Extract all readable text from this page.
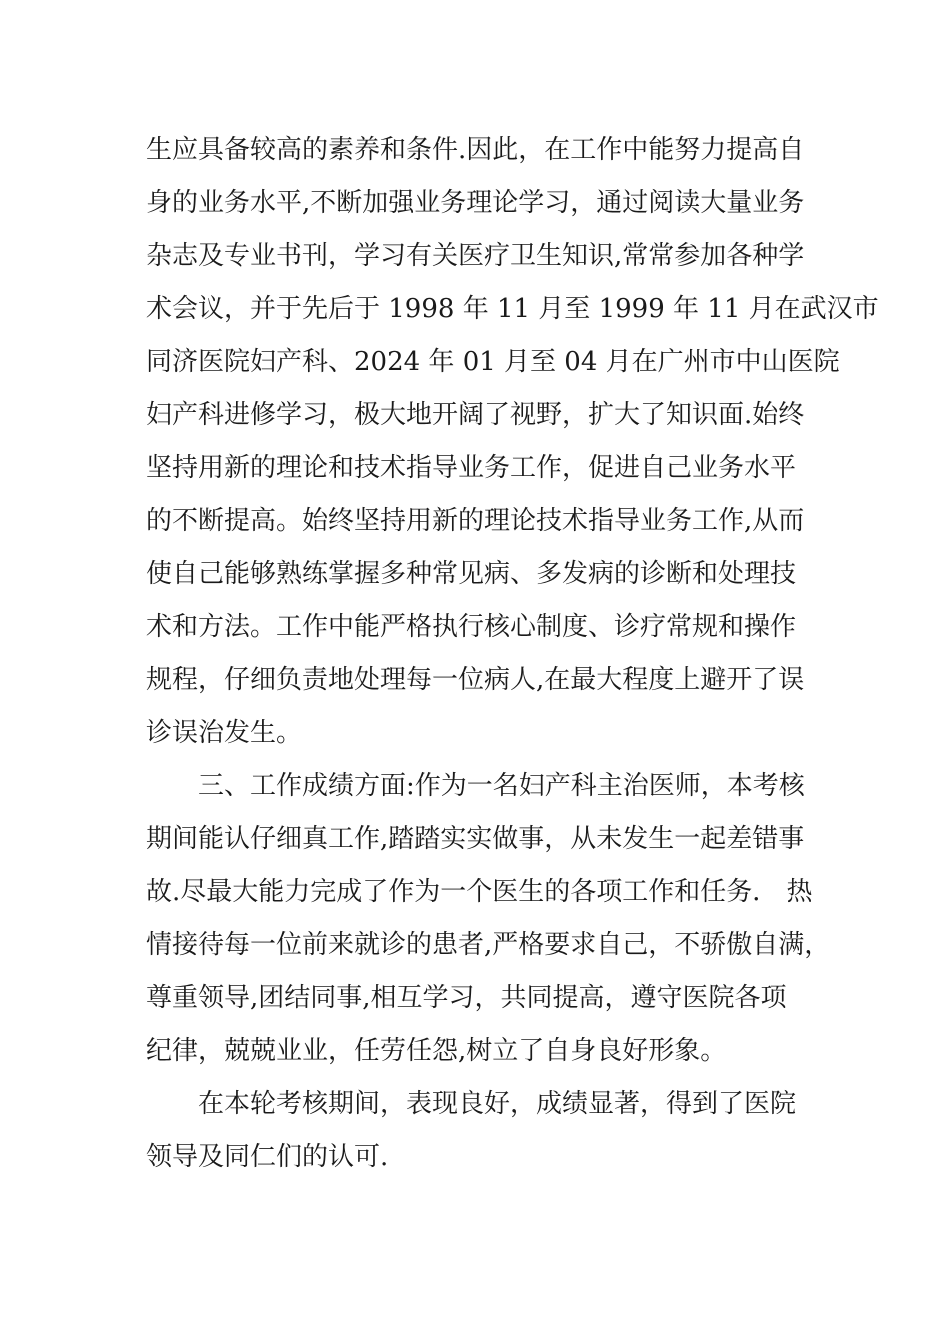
生应具备较高的素养和条件.因此，在工作中能努力提高自
身的业务水平,不断加强业务理论学习，通过阅读大量业务
杂志及专业书刊，学习有关医疗卫生知识,常常参加各种学
术会议，并于先后于 1998 年 11 月至 1999 年 11 月在武汉市
同济医院妇产科、2024 年 01 月至 04 月在广州市中山医院
妇产科进修学习，极大地开阔了视野，扩大了知识面.始终
坚持用新的理论和技术指导业务工作，促进自己业务水平
的不断提高。始终坚持用新的理论技术指导业务工作,从而
使自己能够熟练掌握多种常见病、多发病的诊断和处理技
术和方法。工作中能严格执行核心制度、诊疗常规和操作
规程，仔细负责地处理每一位病人,在最大程度上避开了误
诊误治发生。
三、工作成绩方面:作为一名妇产科主治医师，本考核
期间能认仔细真工作,踏踏实实做事，从未发生一起差错事
故.尽最大能力完成了作为一个医生的各项工作和任务． 热
情接待每一位前来就诊的患者,严格要求自己，不骄傲自满，
尊重领导,团结同事,相互学习，共同提高，遵守医院各项
纪律，兢兢业业，任劳任怨,树立了自身良好形象。
在本轮考核期间，表现良好，成绩显著，得到了医院
领导及同仁们的认可.
